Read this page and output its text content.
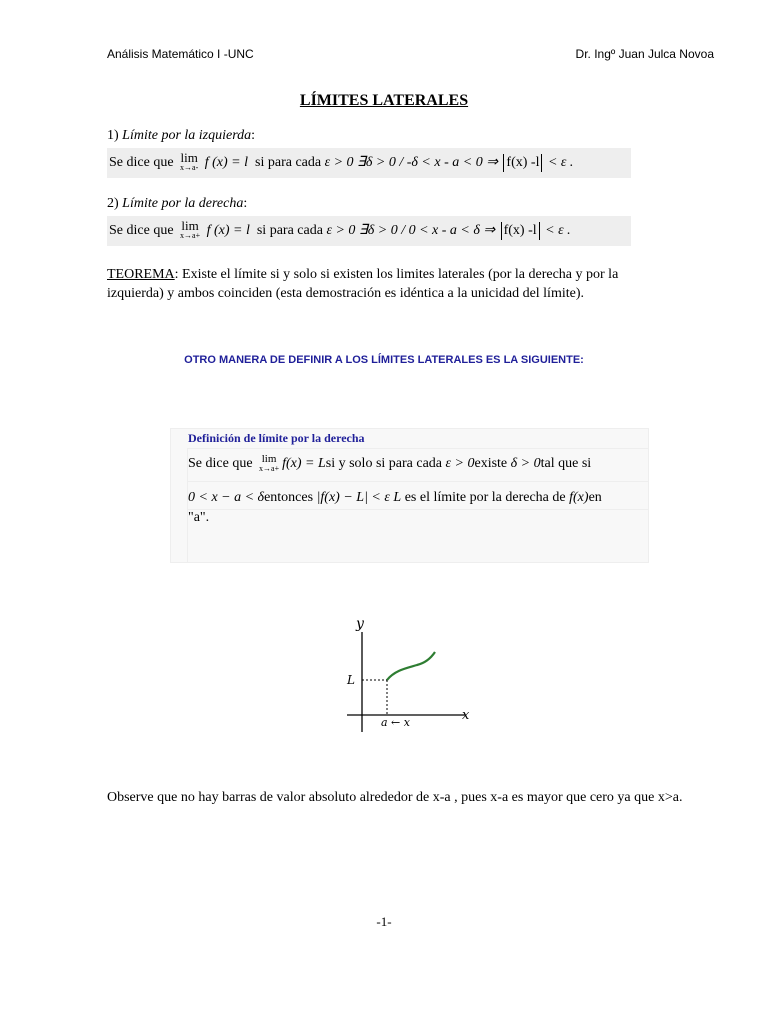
Análisis Matemático I -UNC	Dr. Ingº Juan Julca Novoa
LÍMITES LATERALES
1) Límite por la izquierda:
Se dice que lim
x→a- f (x) = l si para cada ε > 0 ∃δ > 0 / -δ < x - a < 0 ⇒ f(x) -l < ε .
2) Límite por la derecha:
Se dice que lim
x→a+ f (x) = l si para cada ε > 0 ∃δ > 0 / 0 < x - a < δ ⇒ f(x) -l < ε .
TEOREMA: Existe el límite si y solo si existen los limites laterales (por la derecha y por la izquierda) y ambos coinciden (esta demostración es idéntica a la unicidad del límite).
OTRO MANERA DE DEFINIR A LOS LÍMITES LATERALES ES LA SIGUIENTE:
Definición de límite por la derecha
Se dice que lim
x→a+ f(x) = Lsi y solo si para cada ε > 0existe δ > 0tal que si
0 < x − a < δentonces |f(x) − L| < ε L es el límite por la derecha de f(x)en
"a".
y
x
L
a ← x
Observe que no hay barras de valor absoluto alrededor de x-a , pues x-a es mayor que cero ya que x>a.
-1-
